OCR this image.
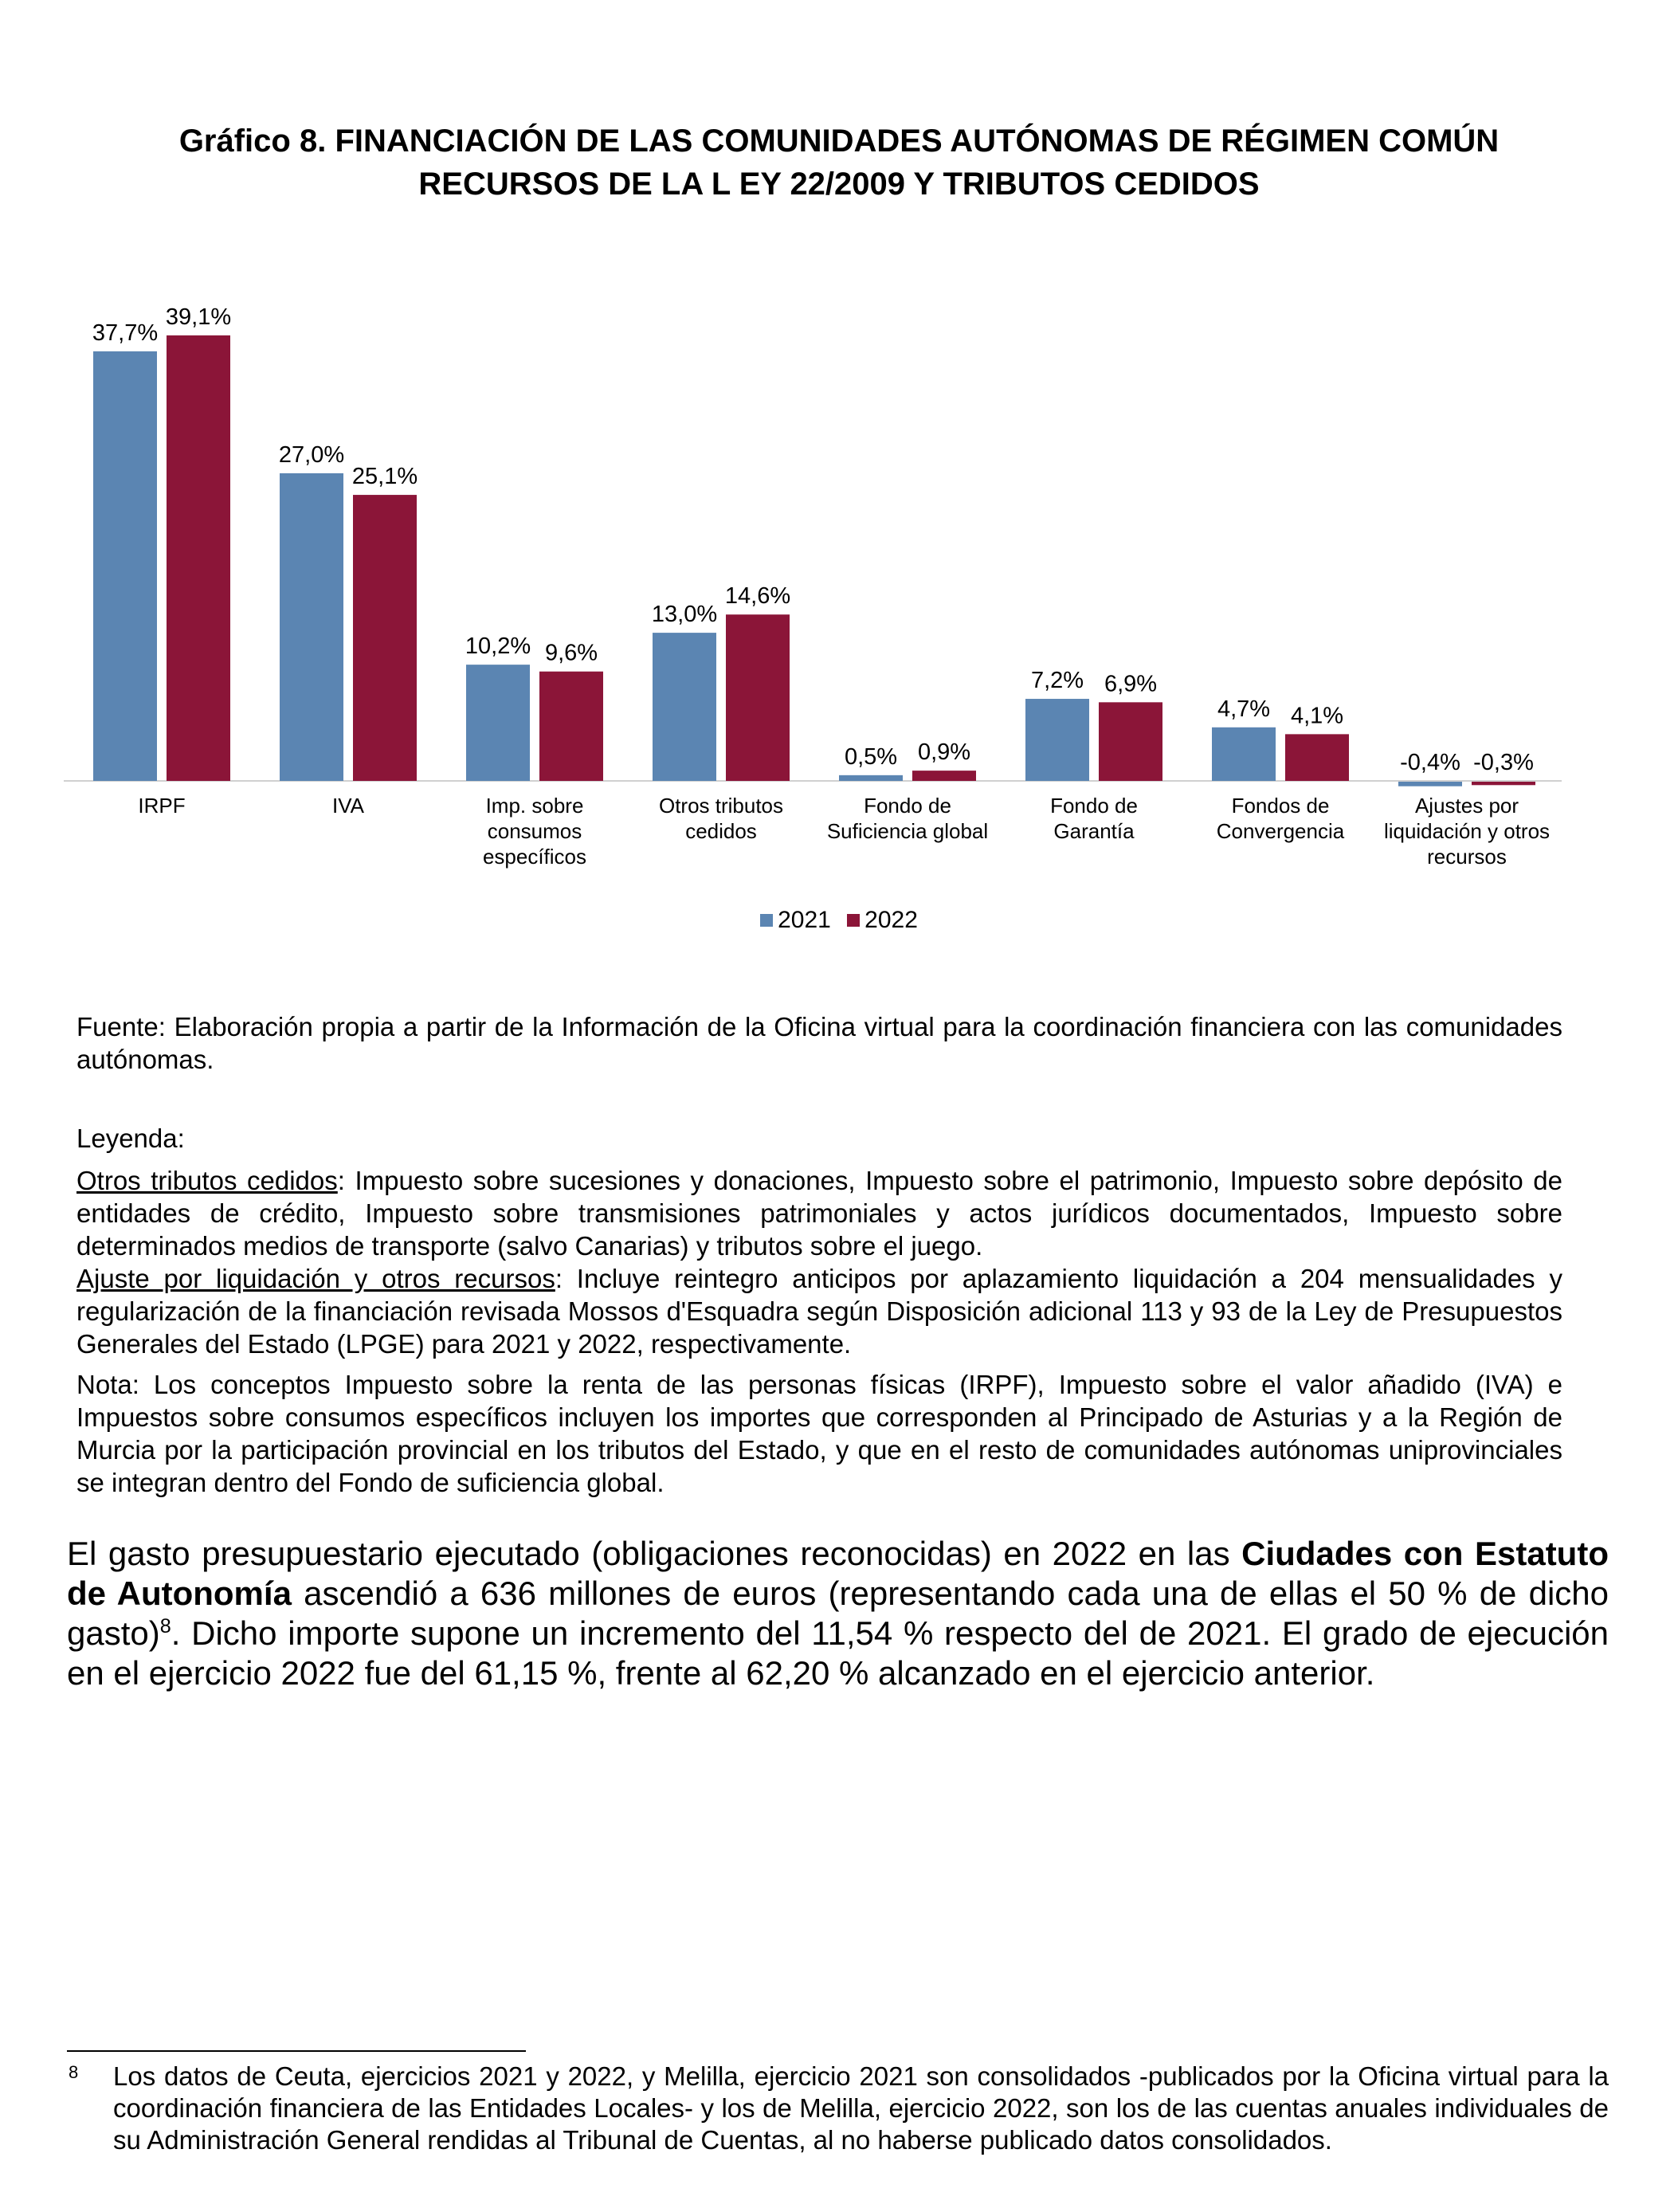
Gráfico 8. FINANCIACIÓN DE LAS COMUNIDADES AUTÓNOMAS DE RÉGIMEN COMÚN
RECURSOS DE LA L EY 22/2009 Y TRIBUTOS CEDIDOS
37,7%
39,1%
IRPF
27,0%
25,1%
IVA
10,2% 9,6%
Imp. sobre
consumos
específicos
13,0%
14,6%
Otros tributos
cedidos
0,5% 0,9%
Fondo de
Suficiencia global
7,2% 6,9%
Fondo de
Garantía
4,7% 4,1%
Fondos de
Convergencia
-0,4% -0,3%
Ajustes por
liquidación y otros
recursos
2021 2022

Fuente: Elaboración propia a partir de la Información de la Oficina virtual para la coordinación financiera con las comunidades autónomas.

Leyenda:

Otros tributos cedidos: Impuesto sobre sucesiones y donaciones, Impuesto sobre el patrimonio, Impuesto sobre depósito de entidades de crédito, Impuesto sobre transmisiones patrimoniales y actos jurídicos documentados, Impuesto sobre determinados medios de transporte (salvo Canarias) y tributos sobre el juego.

Ajuste por liquidación y otros recursos: Incluye reintegro anticipos por aplazamiento liquidación a 204 mensualidades y regularización de la financiación revisada Mossos d'Esquadra según Disposición adicional 113 y 93 de la Ley de Presupuestos Generales del Estado (LPGE) para 2021 y 2022, respectivamente.

Nota: Los conceptos Impuesto sobre la renta de las personas físicas (IRPF), Impuesto sobre el valor añadido (IVA) e Impuestos sobre consumos específicos incluyen los importes que corresponden al Principado de Asturias y a la Región de Murcia por la participación provincial en los tributos del Estado, y que en el resto de comunidades autónomas uniprovinciales se integran dentro del Fondo de suficiencia global.

El gasto presupuestario ejecutado (obligaciones reconocidas) en 2022 en las Ciudades con Estatuto de Autonomía ascendió a 636 millones de euros (representando cada una de ellas el 50 % de dicho gasto)$^8$. Dicho importe supone un incremento del 11,54 % respecto del de 2021. El grado de ejecución en el ejercicio 2022 fue del 61,15 %, frente al 62,20 % alcanzado en el ejercicio anterior.
8 Los datos de Ceuta, ejercicios 2021 y 2022, y Melilla, ejercicio 2021 son consolidados -publicados por la Oficina virtual para la coordinación financiera de las Entidades Locales- y los de Melilla, ejercicio 2022, son los de las cuentas anuales individuales de su Administración General rendidas al Tribunal de Cuentas, al no haberse publicado datos consolidados.
